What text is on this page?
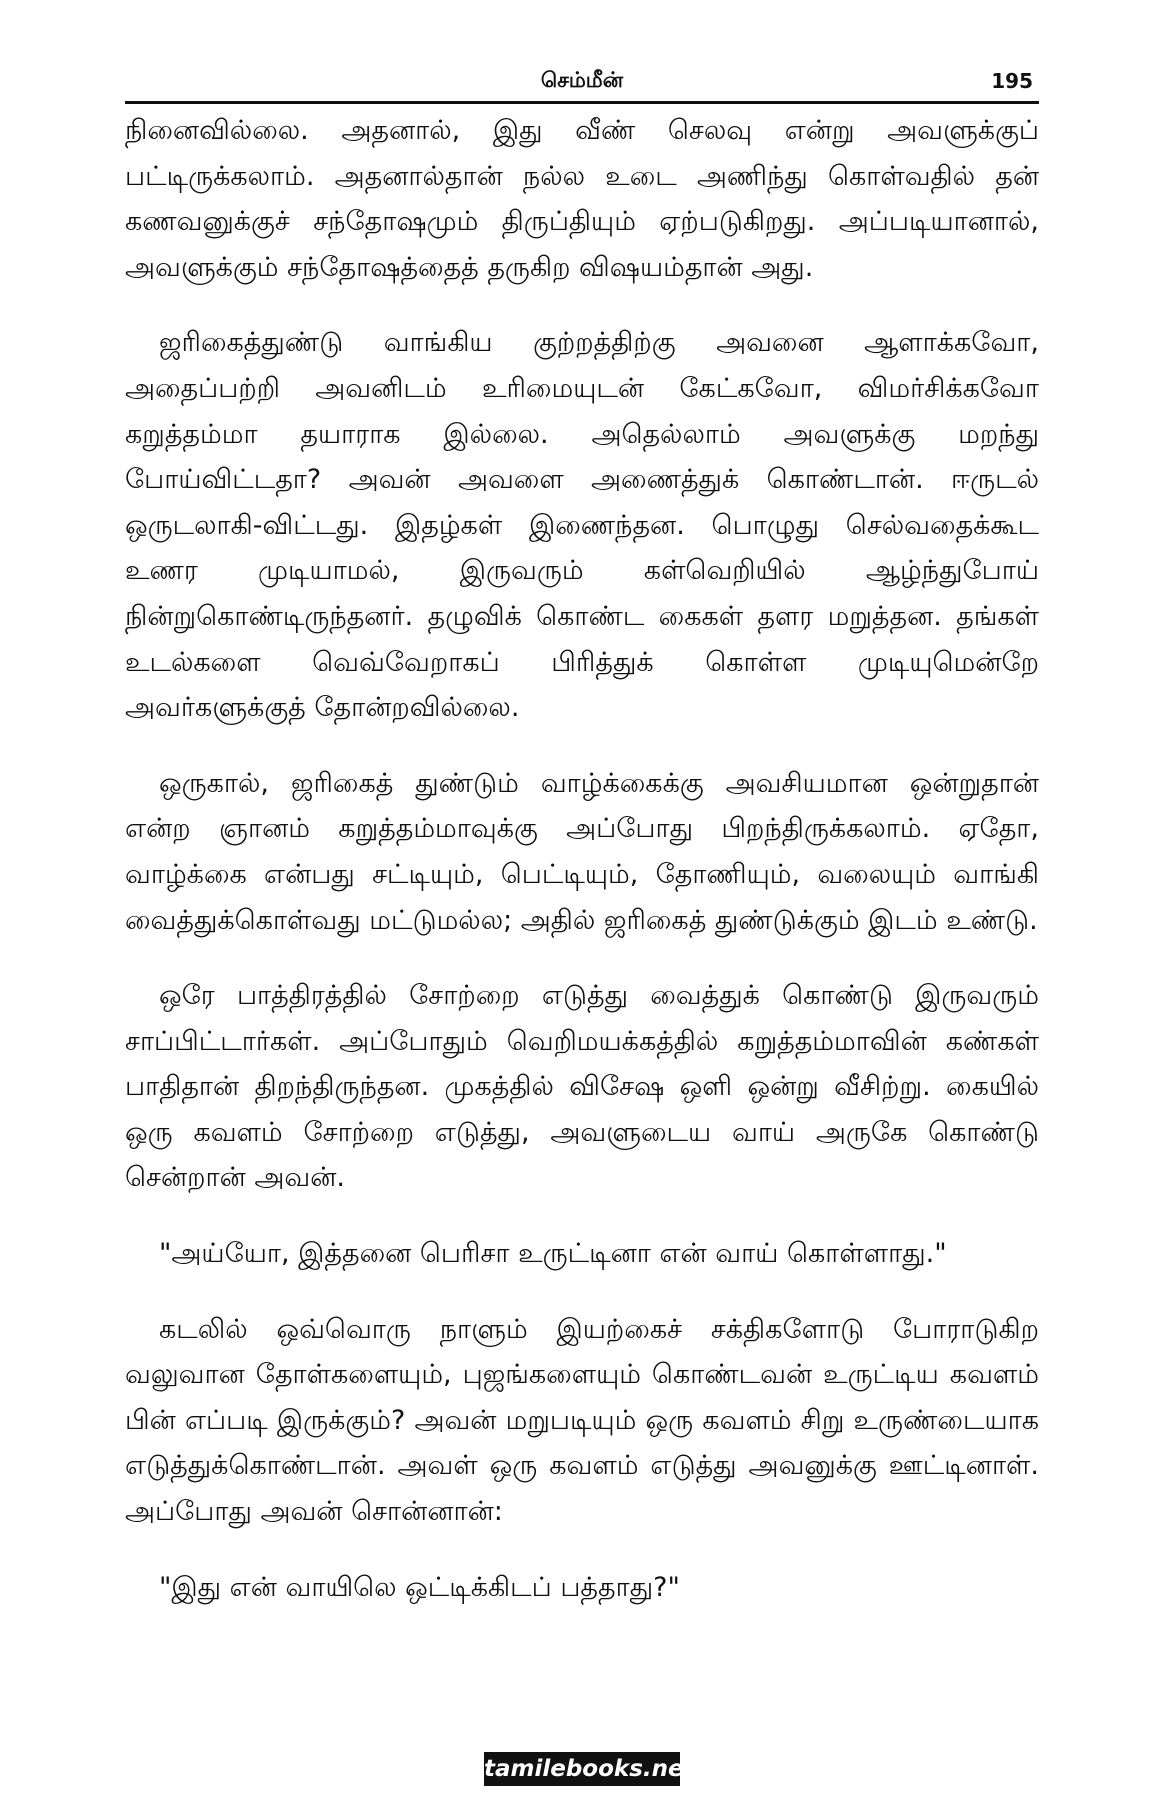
செம்மீன்	195

நினைவில்லை. அதனால், இது வீண் செலவு என்று அவளுக்குப் பட்டிருக்கலாம். அதனால்தான் நல்ல உடை அணிந்து கொள்வதில் தன் கணவனுக்குச் சந்தோஷமும் திருப்தியும் ஏற்படுகிறது. அப்படியானால், அவளுக்கும் சந்தோஷத்தைத் தருகிற விஷயம்தான் அது.

ஜரிகைத்துண்டு வாங்கிய குற்றத்திற்கு அவனை ஆளாக்கவோ, அதைப்பற்றி அவனிடம் உரிமையுடன் கேட்கவோ, விமர்சிக்கவோ கறுத்தம்மா தயாராக இல்லை. அதெல்லாம் அவளுக்கு மறந்து போய்விட்டதா? அவன் அவளை அணைத்துக் கொண்டான். ஈருடல் ஒருடலாகி-விட்டது. இதழ்கள் இணைந்தன. பொழுது செல்வதைக்கூட உணர முடியாமல், இருவரும் கள்வெறியில் ஆழ்ந்துபோய் நின்றுகொண்டிருந்தனர். தழுவிக் கொண்ட கைகள் தளர மறுத்தன. தங்கள் உடல்களை வெவ்வேறாகப் பிரித்துக் கொள்ள முடியுமென்றே அவர்களுக்குத் தோன்றவில்லை.

ஒருகால், ஜரிகைத் துண்டும் வாழ்க்கைக்கு அவசியமான ஒன்றுதான் என்ற ஞானம் கறுத்தம்மாவுக்கு அப்போது பிறந்திருக்கலாம். ஏதோ, வாழ்க்கை என்பது சட்டியும், பெட்டியும், தோணியும், வலையும் வாங்கி வைத்துக்கொள்வது மட்டுமல்ல; அதில் ஜரிகைத் துண்டுக்கும் இடம் உண்டு.

ஒரே பாத்திரத்தில் சோற்றை எடுத்து வைத்துக் கொண்டு இருவரும் சாப்பிட்டார்கள். அப்போதும் வெறிமயக்கத்தில் கறுத்தம்மாவின் கண்கள் பாதிதான் திறந்திருந்தன. முகத்தில் விசேஷ ஒளி ஒன்று வீசிற்று. கையில் ஒரு கவளம் சோற்றை எடுத்து, அவளுடைய வாய் அருகே கொண்டு சென்றான் அவன்.

"அய்யோ, இத்தனை பெரிசா உருட்டினா என் வாய் கொள்ளாது."

கடலில் ஒவ்வொரு நாளும் இயற்கைச் சக்திகளோடு போராடுகிற வலுவான தோள்களையும், புஜங்களையும் கொண்டவன் உருட்டிய கவளம் பின் எப்படி இருக்கும்? அவன் மறுபடியும் ஒரு கவளம் சிறு உருண்டையாக எடுத்துக்கொண்டான். அவள் ஒரு கவளம் எடுத்து அவனுக்கு ஊட்டினாள். அப்போது அவன் சொன்னான்:

"இது என் வாயிலெ ஒட்டிக்கிடப் பத்தாது?"

tamilebooks.net
